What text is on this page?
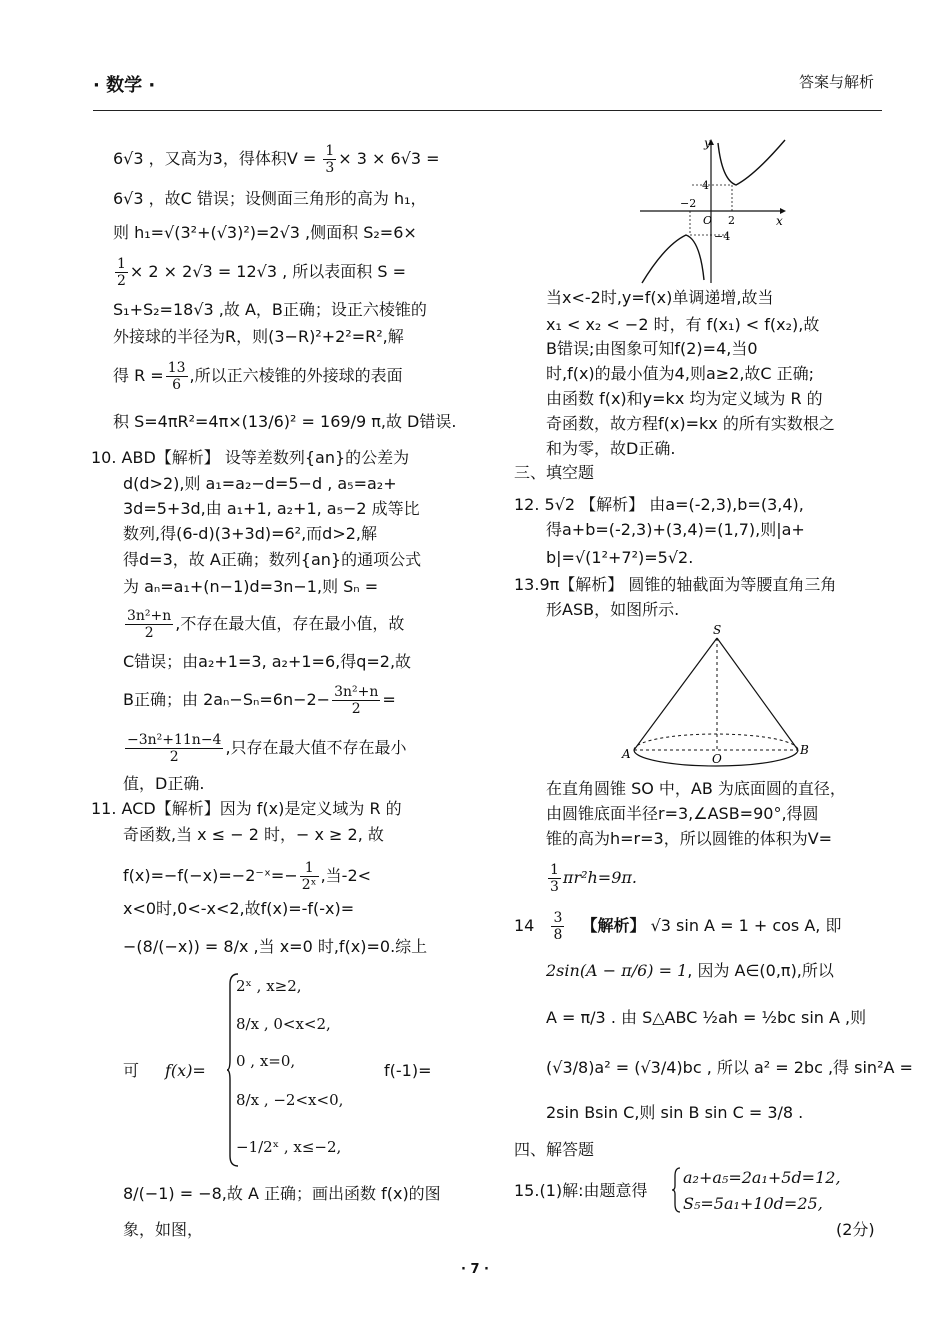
· 数学 ·	答案与解析
6√3 ，又高为3，得体积$V = \frac{1}{3} \times 3 \times 6√3$ =
6√3 ，故C 错误；设侧面三角形的高为 h₁，
则 h₁=√(3²+(√3)²)=2√3 ,侧面积 S₂=6×
$\frac{1}{2} \times 2 \times 2√3 = 12√3$ , 所以表面积 S =
S₁+S₂=18√3 ,故 A，B正确；设正六棱锥的
外接球的半径为R，则(3−R)²+2²=R²,解
得 $R = \frac{13}{6}$ ,所以正六棱锥的外接球的表面
积 S=4πR²=4π×(13/6)² = 169/9 π,故 D错误.
10. ABD【解析】 设等差数列{an}的公差为
d(d>2),则 a₁=a₂−d=5−d , a₅=a₂+
3d=5+3d,由 a₁+1, a₂+1, a₅−2 成等比
数列,得(6-d)(3+3d)=6²,而d>2,解
得d=3，故 A正确；数列{an}的通项公式
为 aₙ=a₁+(n−1)d=3n−1,则 Sₙ =
$\frac{\text{3n²+n}}{2}$ ,不存在最大值，存在最小值，故
C错误；由a₂+1=3, a₂+1=6,得q=2,故
B正确；由 $2a_n-S_n=6n-2- \frac{\text{3n²+n}}{2}$ =
$\frac{\text{−3n²+11n−4}}{2}$ ,只存在最大值不存在最小
值，D正确.
11. ACD【解析】因为 f(x)是定义域为 R 的
奇函数,当 x ≤ − 2 时，− x ≥ 2, 故
f(x)=−f(−x)=−2⁻ˣ=− $\frac{1}{\text{2ˣ}}$ ,当-2<
x<0时,0<-x<2,故f(x)=-f(-x)=
−(8/(−x)) = 8/x ,当 x=0 时,f(x)=0.综上
可 f(x)=
2ˣ , x≥2,
8/x , 0<x<2,
0 , x=0,
8/x , −2<x<0,
−1/2ˣ , x≤−2,
f(-1)=
8/(−1) = −8,故 A 正确；画出函数 f(x)的图
象，如图，
y
x
−2
O 2
4
−4
当x<-2时,y=f(x)单调递增,故当
x₁ < x₂ < −2 时，有 f(x₁) < f(x₂),故
B错误;由图象可知f(2)=4,当0
时,f(x)的最小值为4,则a≥2,故C 正确;
由函数 f(x)和y=kx 均为定义域为 R 的
奇函数，故方程f(x)=kx 的所有实数根之
和为零，故D正确.
三、填空题
12. 5√2 【解析】 由a=(-2,3),b=(3,4),
得a+b=(-2,3)+(3,4)=(1,7),则|a+
b|=√(1²+7²)=5√2.
13.9π【解析】 圆锥的轴截面为等腰直角三角
形ASB，如图所示.
S
A	B
O
在直角圆锥 SO 中，AB 为底面圆的直径，
由圆锥底面半径r=3,∠ASB=90°,得圆
锥的高为h=r=3，所以圆锥的体积为V=
$\frac{1}{3} \pi r^2h=9\pi$.
$14 \frac{3}{8}$ 【解析】 √3 sin A = 1 + cos A, 即
2sin(A − π/6) = 1, 因为 A∈(0,π),所以
A = π/3 . 由 S△ABC ½ah = ½bc sin A ,则
(√3/8)a² = (√3/4)bc , 所以 a² = 2bc ,得 sin²A =
2sin Bsin C,则 sin B sin C = 3/8 .
四、解答题
15.(1)解:由题意得
a₂+a₅=2a₁+5d=12,
S₅=5a₁+10d=25,
(2分)
· 7 ·
